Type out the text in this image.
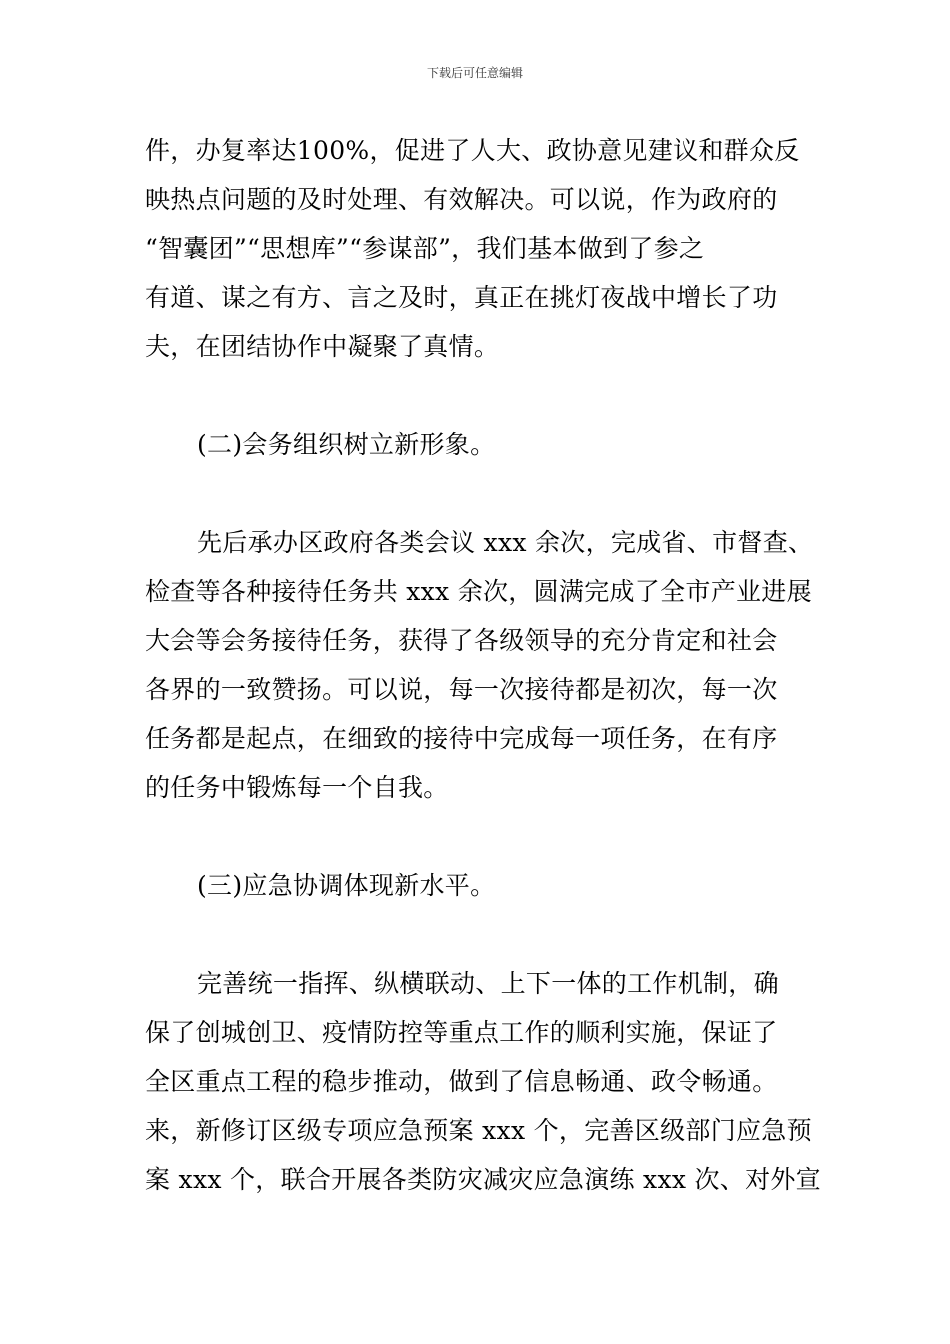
下载后可任意编辑
件，办复率达100%，促进了人大、政协意见建议和群众反
映热点问题的及时处理、有效解决。可以说，作为政府的
“智囊团”“思想库”“参谋部”，我们基本做到了参之
有道、谋之有方、言之及时，真正在挑灯夜战中增长了功
夫，在团结协作中凝聚了真情。
(二)会务组织树立新形象。
先后承办区政府各类会议 xxx 余次，完成省、市督查、
检查等各种接待任务共 xxx 余次，圆满完成了全市产业进展
大会等会务接待任务，获得了各级领导的充分肯定和社会
各界的一致赞扬。可以说，每一次接待都是初次，每一次
任务都是起点，在细致的接待中完成每一项任务，在有序
的任务中锻炼每一个自我。
(三)应急协调体现新水平。
完善统一指挥、纵横联动、上下一体的工作机制，确
保了创城创卫、疫情防控等重点工作的顺利实施，保证了
全区重点工程的稳步推动，做到了信息畅通、政令畅通。
来，新修订区级专项应急预案 xxx 个，完善区级部门应急预
案 xxx 个，联合开展各类防灾减灾应急演练 xxx 次、对外宣
